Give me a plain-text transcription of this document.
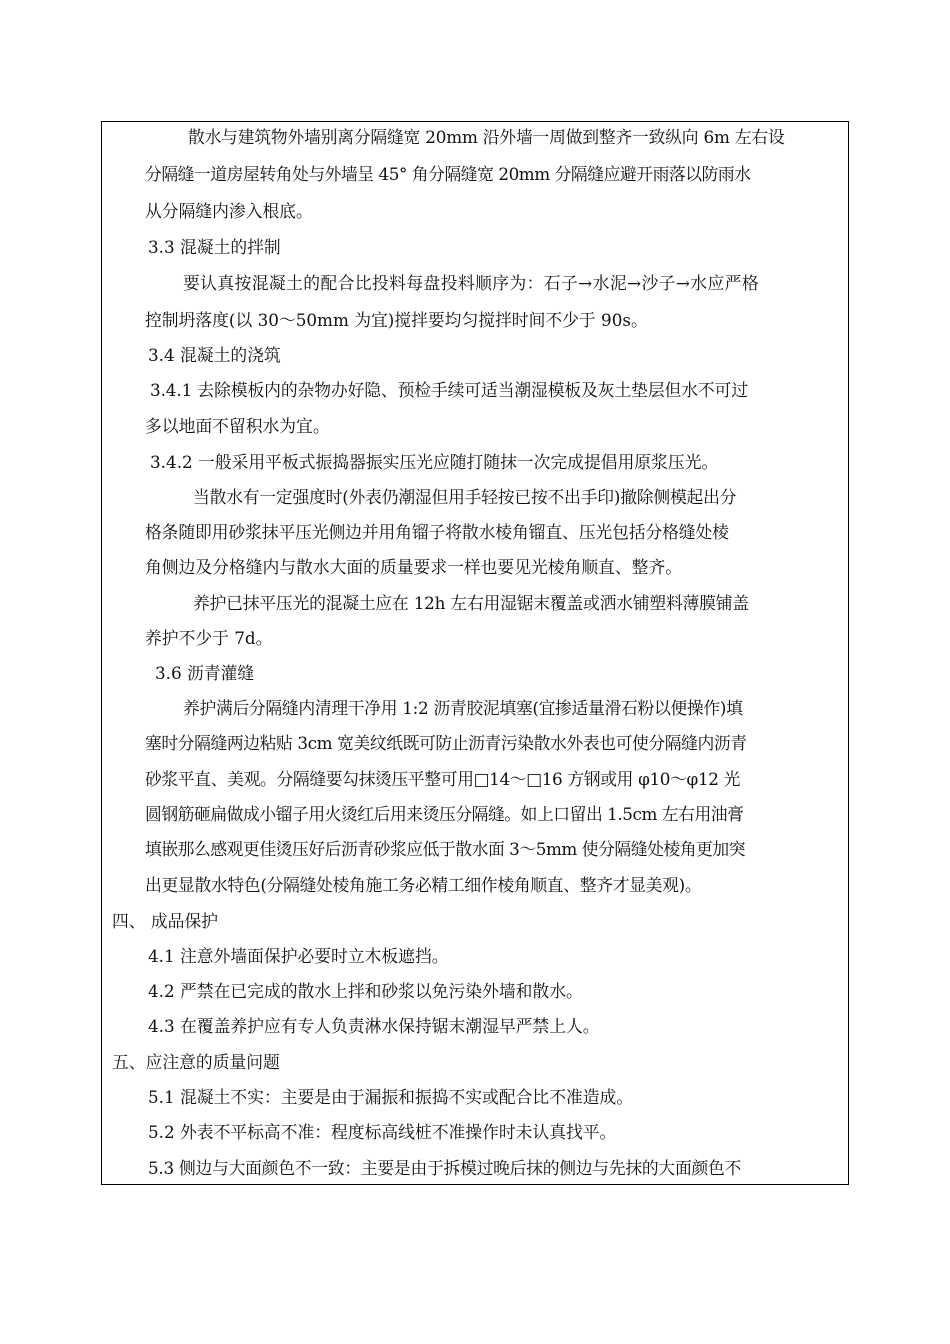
散水与建筑物外墙别离分隔缝宽 20mm 沿外墙一周做到整齐一致纵向 6m 左右设
分隔缝一道房屋转角处与外墙呈 45° 角分隔缝宽 20mm 分隔缝应避开雨落以防雨水
从分隔缝内渗入根底。
3.3 混凝土的拌制
要认真按混凝土的配合比投料每盘投料顺序为：石子→水泥→沙子→水应严格
控制坍落度(以 30～50mm 为宜)搅拌要均匀搅拌时间不少于 90s。
3.4 混凝土的浇筑
3.4.1 去除模板内的杂物办好隐、预检手续可适当潮湿模板及灰土垫层但水不可过
多以地面不留积水为宜。
3.4.2 一般采用平板式振捣器振实压光应随打随抹一次完成提倡用原浆压光。
当散水有一定强度时(外表仍潮湿但用手轻按已按不出手印)撤除侧模起出分
格条随即用砂浆抹平压光侧边并用角镏子将散水棱角镏直、压光包括分格缝处棱
角侧边及分格缝内与散水大面的质量要求一样也要见光棱角顺直、整齐。
养护已抹平压光的混凝土应在 12h 左右用湿锯末覆盖或洒水铺塑料薄膜铺盖
养护不少于 7d。
3.6 沥青灌缝
养护满后分隔缝内清理干净用 1:2 沥青胶泥填塞(宜掺适量滑石粉以便操作)填
塞时分隔缝两边粘贴 3cm 宽美纹纸既可防止沥青污染散水外表也可使分隔缝内沥青
砂浆平直、美观。分隔缝要勾抹烫压平整可用□14～□16 方钢或用 φ10～φ12 光
圆钢筋砸扁做成小镏子用火烫红后用来烫压分隔缝。如上口留出 1.5cm 左右用油膏
填嵌那么感观更佳烫压好后沥青砂浆应低于散水面 3～5mm 使分隔缝处棱角更加突
出更显散水特色(分隔缝处棱角施工务必精工细作棱角顺直、整齐才显美观)。
四、 成品保护
4.1 注意外墙面保护必要时立木板遮挡。
4.2 严禁在已完成的散水上拌和砂浆以免污染外墙和散水。
4.3 在覆盖养护应有专人负责淋水保持锯末潮湿早严禁上人。
五、应注意的质量问题
5.1 混凝土不实：主要是由于漏振和振捣不实或配合比不准造成。
5.2 外表不平标高不准：程度标高线桩不准操作时未认真找平。
5.3 侧边与大面颜色不一致：主要是由于拆模过晚后抹的侧边与先抹的大面颜色不
